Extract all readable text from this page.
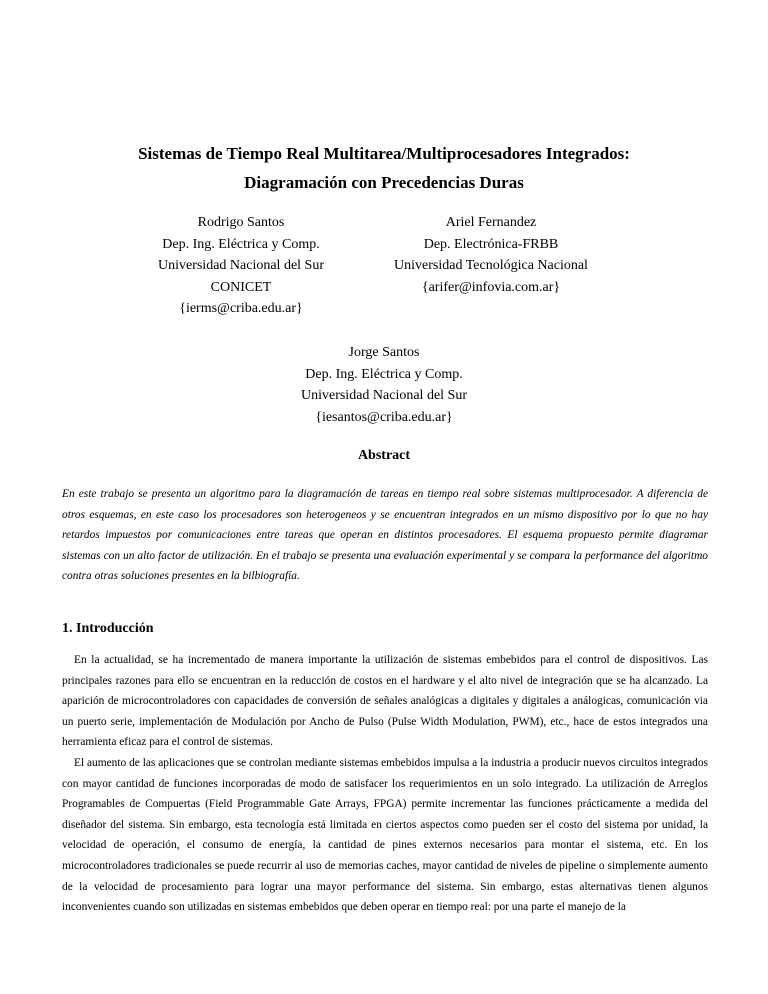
Sistemas de Tiempo Real Multitarea/Multiprocesadores Integrados:
Diagramación con Precedencias Duras
Rodrigo Santos
Dep. Ing. Eléctrica y Comp.
Universidad Nacional del Sur
CONICET
{ierms@criba.edu.ar}
Ariel Fernandez
Dep. Electrónica-FRBB
Universidad Tecnológica Nacional
{arifer@infovia.com.ar}
Jorge Santos
Dep. Ing. Eléctrica y Comp.
Universidad Nacional del Sur
{iesantos@criba.edu.ar}
Abstract

En este trabajo se presenta un algoritmo para la diagramación de tareas en tiempo real sobre sistemas multiprocesador. A diferencia de otros esquemas, en este caso los procesadores son heterogeneos y se encuentran integrados en un mismo dispositivo por lo que no hay retardos impuestos por comunicaciones entre tareas que operan en distintos procesadores. El esquema propuesto permite diagramar sistemas con un alto factor de utilización. En el trabajo se presenta una evaluación experimental y se compara la performance del algoritmo contra otras soluciones presentes en la bilbiografía.

1. Introducción

En la actualidad, se ha incrementado de manera importante la utilización de sistemas embebidos para el control de dispositivos. Las principales razones para ello se encuentran en la reducción de costos en el hardware y el alto nivel de integración que se ha alcanzado. La aparición de microcontroladores con capacidades de conversión de señales analógicas a digitales y digitales a análogicas, comunicación via un puerto serie, implementación de Modulación por Ancho de Pulso (Pulse Width Modulation, PWM), etc., hace de estos integrados una herramienta eficaz para el control de sistemas.

El aumento de las aplicaciones que se controlan mediante sistemas embebidos impulsa a la industria a producir nuevos circuitos integrados con mayor cantidad de funciones incorporadas de modo de satisfacer los requerimientos en un solo integrado. La utilización de Arreglos Programables de Compuertas (Field Programmable Gate Arrays, FPGA) permite incrementar las funciones prácticamente a medida del diseñador del sistema. Sin embargo, esta tecnología está limitada en ciertos aspectos como pueden ser el costo del sistema por unidad, la velocidad de operación, el consumo de energía, la cantidad de pines externos necesarios para montar el sistema, etc. En los microcontroladores tradicionales se puede recurrir al uso de memorias caches, mayor cantidad de niveles de pipeline o simplemente aumento de la velocidad de procesamiento para lograr una mayor performance del sistema. Sin embargo, estas alternativas tienen algunos inconvenientes cuando son utilizadas en sistemas embebidos que deben operar en tiempo real: por una parte el manejo de la
